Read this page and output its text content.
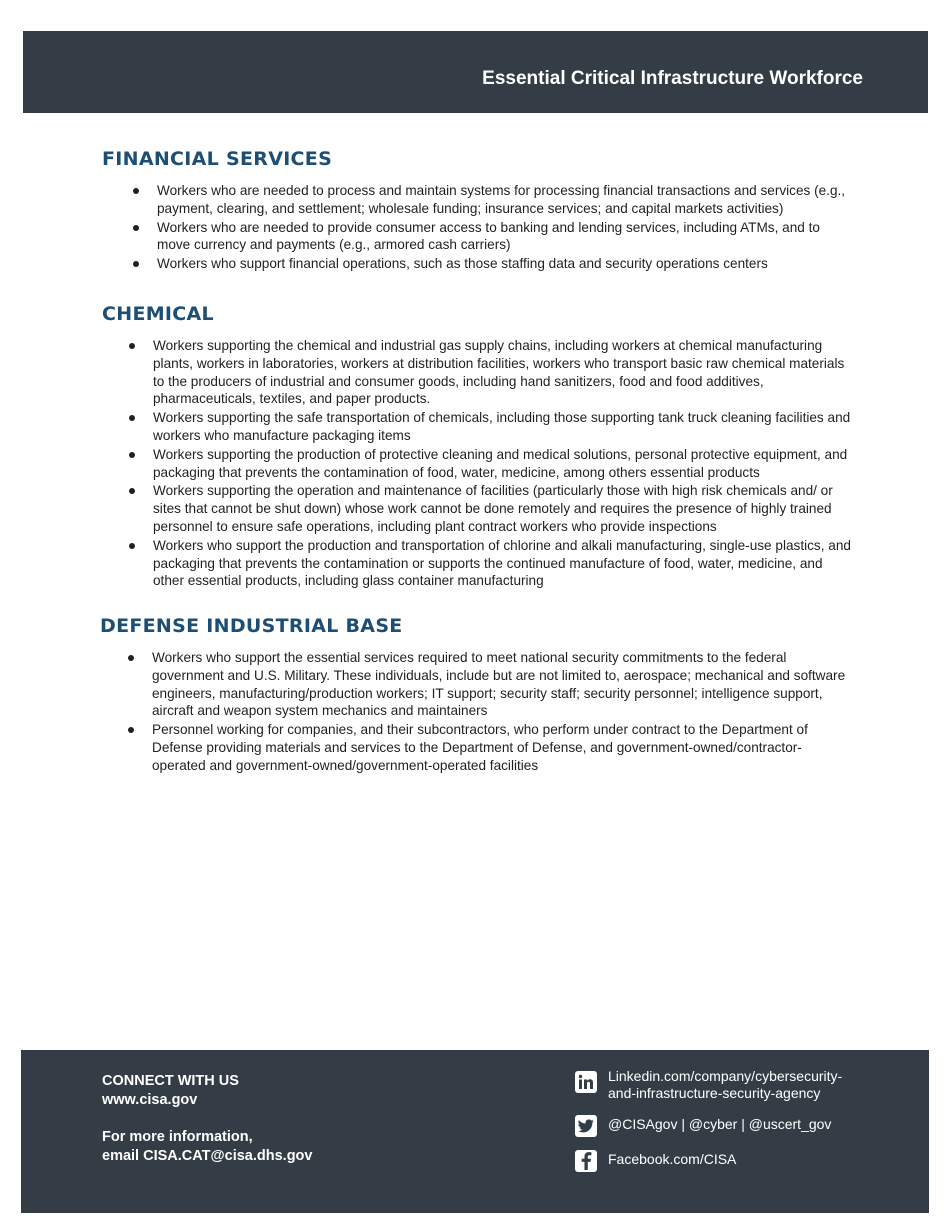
Essential Critical Infrastructure Workforce
FINANCIAL SERVICES
Workers who are needed to process and maintain systems for processing financial transactions and services (e.g., payment, clearing, and settlement; wholesale funding; insurance services; and capital markets activities)
Workers who are needed to provide consumer access to banking and lending services, including ATMs, and to move currency and payments (e.g., armored cash carriers)
Workers who support financial operations, such as those staffing data and security operations centers
CHEMICAL
Workers supporting the chemical and industrial gas supply chains, including workers at chemical manufacturing plants, workers in laboratories, workers at distribution facilities, workers who transport basic raw chemical materials to the producers of industrial and consumer goods, including hand sanitizers, food and food additives, pharmaceuticals, textiles, and paper products.
Workers supporting the safe transportation of chemicals, including those supporting tank truck cleaning facilities and workers who manufacture packaging items
Workers supporting the production of protective cleaning and medical solutions, personal protective equipment, and packaging that prevents the contamination of food, water, medicine, among others essential products
Workers supporting the operation and maintenance of facilities (particularly those with high risk chemicals and/ or sites that cannot be shut down) whose work cannot be done remotely and requires the presence of highly trained personnel to ensure safe operations, including plant contract workers who provide inspections
Workers who support the production and transportation of chlorine and alkali manufacturing, single-use plastics, and packaging that prevents the contamination or supports the continued manufacture of food, water, medicine, and other essential products, including glass container manufacturing
DEFENSE INDUSTRIAL BASE
Workers who support the essential services required to meet national security commitments to the federal government and U.S. Military. These individuals, include but are not limited to, aerospace; mechanical and software engineers, manufacturing/production workers; IT support; security staff; security personnel; intelligence support, aircraft and weapon system mechanics and maintainers
Personnel working for companies, and their subcontractors, who perform under contract to the Department of Defense providing materials and services to the Department of Defense, and government-owned/contractor-operated and government-owned/government-operated facilities
CONNECT WITH US
www.cisa.gov
For more information,
email CISA.CAT@cisa.dhs.gov
Linkedin.com/company/cybersecurity-
and-infrastructure-security-agency
@CISAgov | @cyber | @uscert_gov
Facebook.com/CISA
